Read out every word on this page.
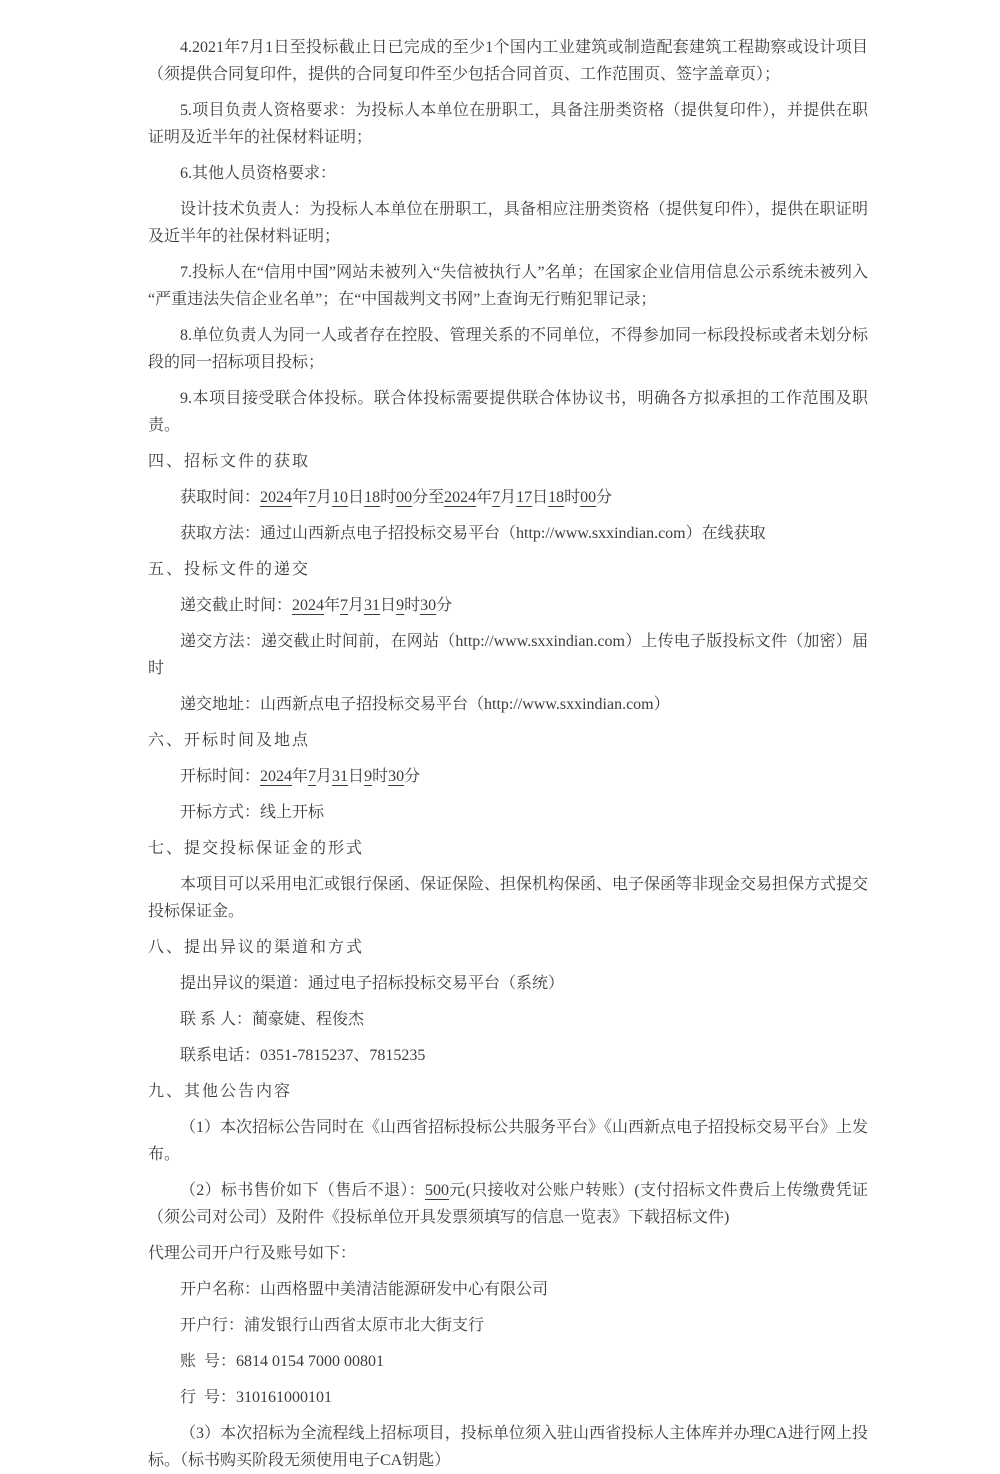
4.2021年7月1日至投标截止日已完成的至少1个国内工业建筑或制造配套建筑工程勘察或设计项目（须提供合同复印件，提供的合同复印件至少包括合同首页、工作范围页、签字盖章页）；

5.项目负责人资格要求：为投标人本单位在册职工，具备注册类资格（提供复印件），并提供在职证明及近半年的社保材料证明；

6.其他人员资格要求：

设计技术负责人：为投标人本单位在册职工，具备相应注册类资格（提供复印件），提供在职证明及近半年的社保材料证明；

7.投标人在“信用中国”网站未被列入“失信被执行人”名单；在国家企业信用信息公示系统未被列入“严重违法失信企业名单”；在“中国裁判文书网”上查询无行贿犯罪记录；

8.单位负责人为同一人或者存在控股、管理关系的不同单位，不得参加同一标段投标或者未划分标段的同一招标项目投标；

9.本项目接受联合体投标。联合体投标需要提供联合体协议书，明确各方拟承担的工作范围及职责。

四、招标文件的获取

获取时间：2024年7月10日18时00分至2024年7月17日18时00分

获取方法：通过山西新点电子招投标交易平台（http://www.sxxindian.com）在线获取

五、投标文件的递交

递交截止时间：2024年7月31日9时30分

递交方法：递交截止时间前，在网站（http://www.sxxindian.com）上传电子版投标文件（加密）届时

递交地址：山西新点电子招投标交易平台（http://www.sxxindian.com）

六、开标时间及地点

开标时间：2024年7月31日9时30分

开标方式：线上开标

七、提交投标保证金的形式

本项目可以采用电汇或银行保函、保证保险、担保机构保函、电子保函等非现金交易担保方式提交投标保证金。

八、提出异议的渠道和方式

提出异议的渠道：通过电子招标投标交易平台（系统）

联 系 人：蔺豪婕、程俊杰

联系电话：0351-7815237、7815235

九、其他公告内容

（1）本次招标公告同时在《山西省招标投标公共服务平台》《山西新点电子招投标交易平台》上发布。

（2）标书售价如下（售后不退）：500元(只接收对公账户转账）(支付招标文件费后上传缴费凭证（须公司对公司）及附件《投标单位开具发票须填写的信息一览表》下载招标文件)

代理公司开户行及账号如下：

开户名称：山西格盟中美清洁能源研发中心有限公司

开户行：浦发银行山西省太原市北大街支行

账  号：6814 0154 7000 00801

行  号：310161000101

（3）本次招标为全流程线上招标项目，投标单位须入驻山西省投标人主体库并办理CA进行网上投标。（标书购买阶段无须使用电子CA钥匙）
